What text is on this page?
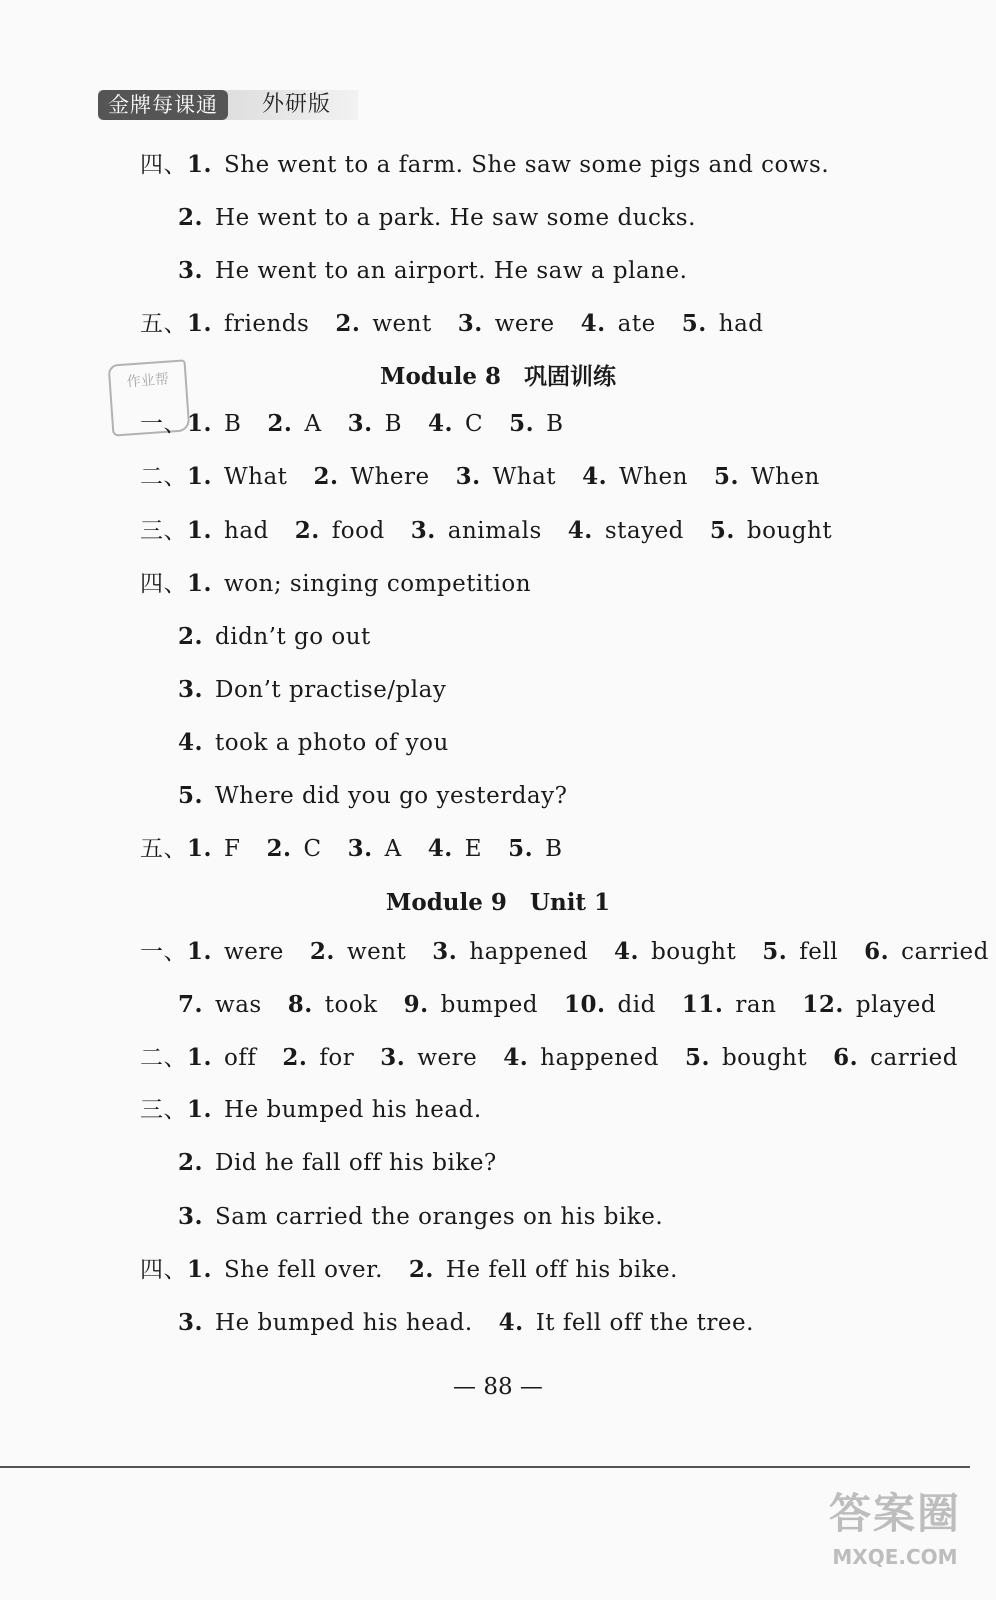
金牌每课通	外研版
作业帮
四、1. She went to a farm. She saw some pigs and cows.
2. He went to a park. He saw some ducks.
3. He went to an airport. He saw a plane.
五、1. friends 2. went 3. were 4. ate 5. had
Module 8　巩固训练
一、1. B 2. A 3. B 4. C 5. B
二、1. What 2. Where 3. What 4. When 5. When
三、1. had 2. food 3. animals 4. stayed 5. bought
四、1. won; singing competition
2. didn’t go out
3. Don’t practise/play
4. took a photo of you
5. Where did you go yesterday?
五、1. F 2. C 3. A 4. E 5. B
Module 9　Unit 1
一、1. were 2. went 3. happened 4. bought 5. fell 6. carried
7. was 8. took 9. bumped 10. did 11. ran 12. played
二、1. off 2. for 3. were 4. happened 5. bought 6. carried
三、1. He bumped his head.
2. Did he fall off his bike?
3. Sam carried the oranges on his bike.
四、1. She fell over. 2. He fell off his bike.
3. He bumped his head. 4. It fell off the tree.
— 88 —
答案圈
MXQE.COM
